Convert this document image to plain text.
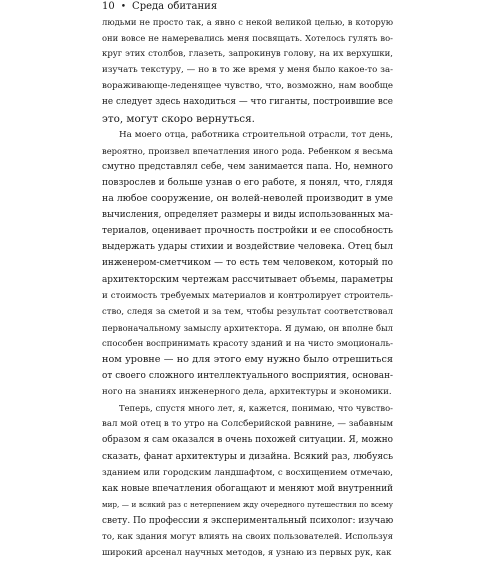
10 • Среда обитания
людьми не просто так, а явно с некой великой целью, в которую
они вовсе не намеревались меня посвящать. Хотелось гулять во-
круг этих столбов, глазеть, запрокинув голову, на их верхушки,
изучать текстуру, — но в то же время у меня было какое-то за-
вораживающе-леденящее чувство, что, возможно, нам вообще
не следует здесь находиться — что гиганты, построившие все
это, могут скоро вернуться.
На моего отца, работника строительной отрасли, тот день,
вероятно, произвел впечатления иного рода. Ребенком я весьма
смутно представлял себе, чем занимается папа. Но, немного
повзрослев и больше узнав о его работе, я понял, что, глядя
на любое сооружение, он волей-неволей производит в уме
вычисления, определяет размеры и виды использованных ма-
териалов, оценивает прочность постройки и ее способность
выдержать удары стихии и воздействие человека. Отец был
инженером-сметчиком — то есть тем человеком, который по
архитекторским чертежам рассчитывает объемы, параметры
и стоимость требуемых материалов и контролирует строитель-
ство, следя за сметой и за тем, чтобы результат соответствовал
первоначальному замыслу архитектора. Я думаю, он вполне был
способен воспринимать красоту зданий и на чисто эмоциональ-
ном уровне — но для этого ему нужно было отрешиться
от своего сложного интеллектуального восприятия, основан-
ного на знаниях инженерного дела, архитектуры и экономики.
Теперь, спустя много лет, я, кажется, понимаю, что чувство-
вал мой отец в то утро на Солсберийской равнине, — забавным
образом я сам оказался в очень похожей ситуации. Я, можно
сказать, фанат архитектуры и дизайна. Всякий раз, любуясь
зданием или городским ландшафтом, с восхищением отмечаю,
как новые впечатления обогащают и меняют мой внутренний
мир, — и всякий раз с нетерпением жду очередного путешествия по всему
свету. По профессии я экспериментальный психолог: изучаю
то, как здания могут влиять на своих пользователей. Используя
широкий арсенал научных методов, я узнаю из первых рук, как
